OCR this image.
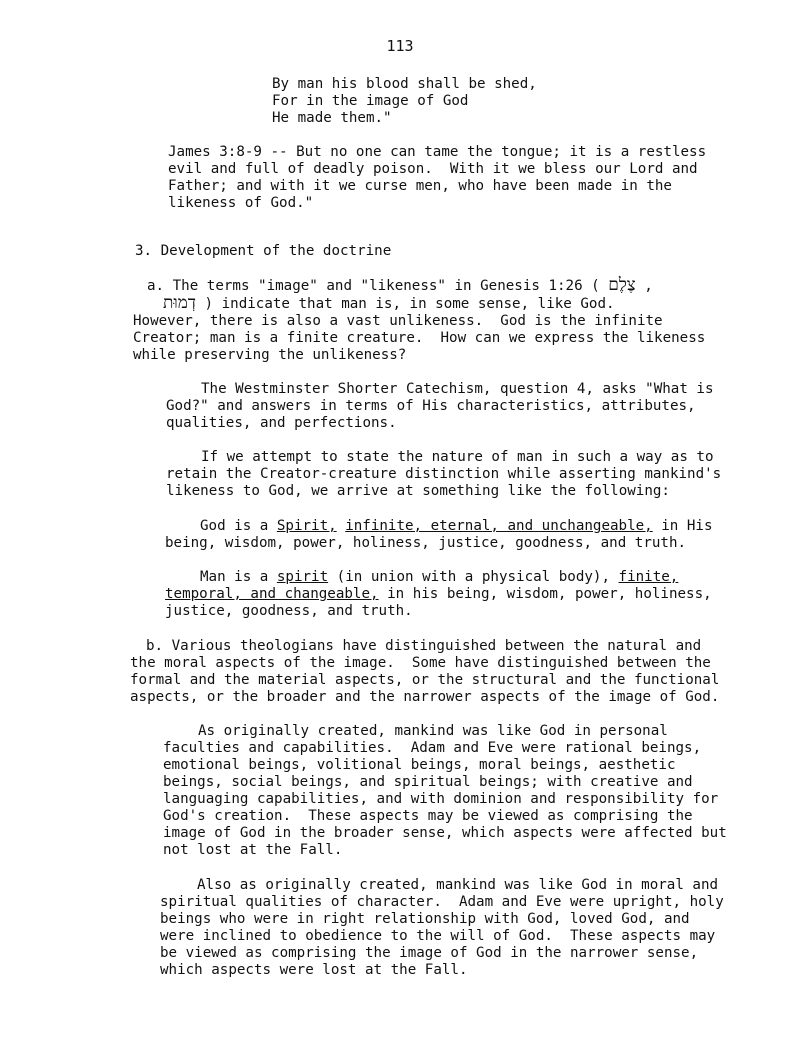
113
By man his blood shall be shed,
For in the image of God
He made them."
James 3:8-9 -- But no one can tame the tongue; it is a restless
evil and full of deadly poison.  With it we bless our Lord and
Father; and with it we curse men, who have been made in the
likeness of God."
3. Development of the doctrine
a. The terms "image" and "likeness" in Genesis 1:26 ( צֶלֶם ,
דְמוּת ) indicate that man is, in some sense, like God.
However, there is also a vast unlikeness.  God is the infinite
Creator; man is a finite creature.  How can we express the likeness
while preserving the unlikeness?
The Westminster Shorter Catechism, question 4, asks "What is
God?" and answers in terms of His characteristics, attributes,
qualities, and perfections.
If we attempt to state the nature of man in such a way as to
retain the Creator-creature distinction while asserting mankind's
likeness to God, we arrive at something like the following:
God is a Spirit, infinite, eternal, and unchangeable, in His
being, wisdom, power, holiness, justice, goodness, and truth.
Man is a spirit (in union with a physical body), finite,
temporal, and changeable, in his being, wisdom, power, holiness,
justice, goodness, and truth.
b. Various theologians have distinguished between the natural and
the moral aspects of the image.  Some have distinguished between the
formal and the material aspects, or the structural and the functional
aspects, or the broader and the narrower aspects of the image of God.
As originally created, mankind was like God in personal
faculties and capabilities.  Adam and Eve were rational beings,
emotional beings, volitional beings, moral beings, aesthetic
beings, social beings, and spiritual beings; with creative and
languaging capabilities, and with dominion and responsibility for
God's creation.  These aspects may be viewed as comprising the
image of God in the broader sense, which aspects were affected but
not lost at the Fall.
Also as originally created, mankind was like God in moral and
spiritual qualities of character.  Adam and Eve were upright, holy
beings who were in right relationship with God, loved God, and
were inclined to obedience to the will of God.  These aspects may
be viewed as comprising the image of God in the narrower sense,
which aspects were lost at the Fall.
